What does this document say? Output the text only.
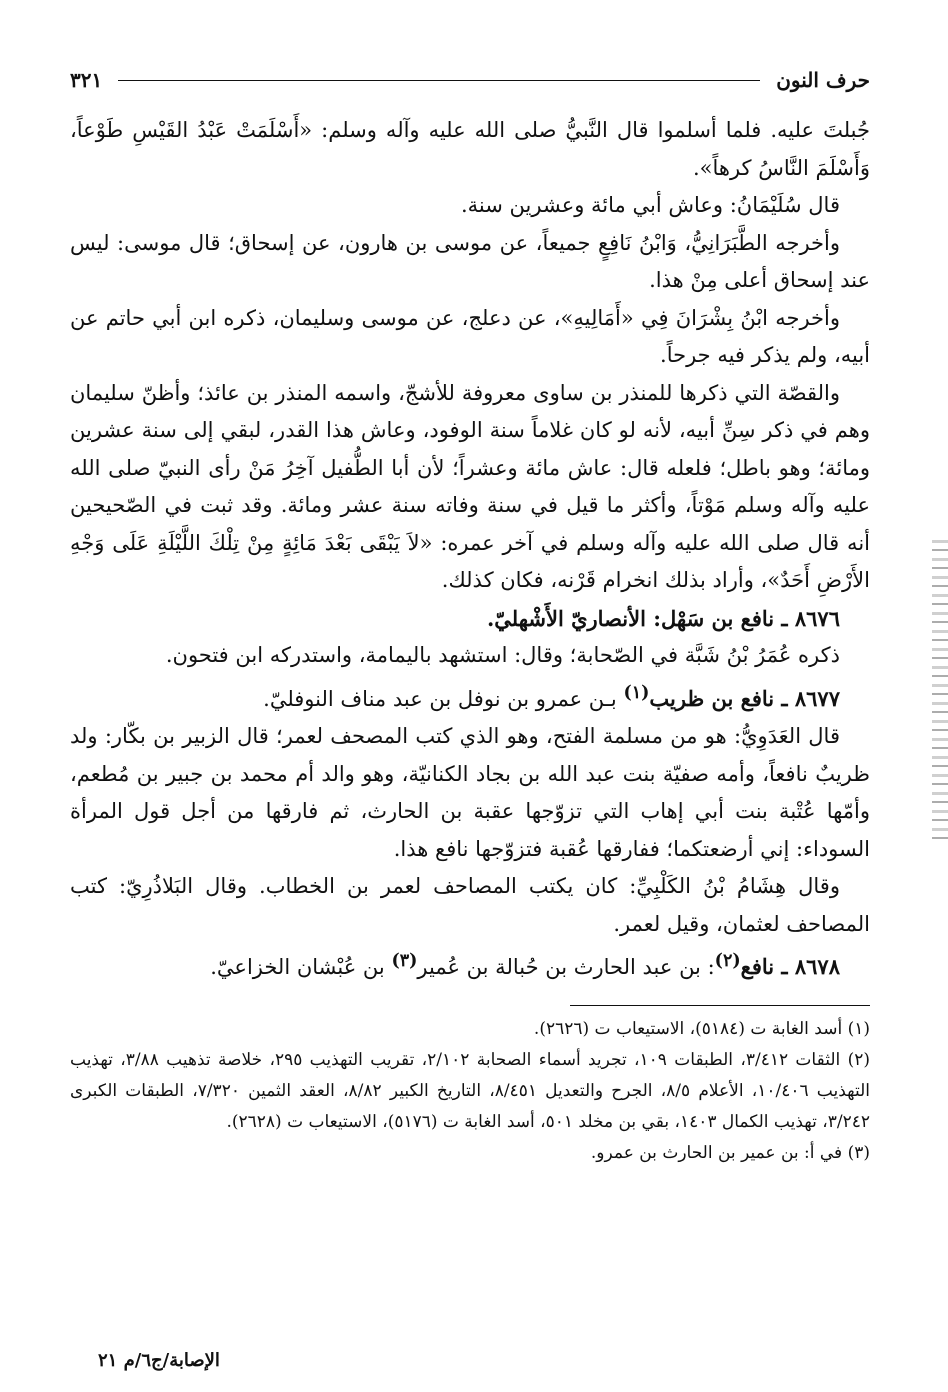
حرف النون
٣٢١

جُبلتَ عليه. فلما أسلموا قال النَّبيُّ صلى الله عليه وآله وسلم: «أَسْلَمَتْ عَبْدُ القَيْسِ طَوْعاً، وَأَسْلَمَ النَّاسُ كرهاً».

قال سُلَيْمَانُ: وعاش أبي مائة وعشرين سنة.

وأخرجه الطَّبَرَانِيُّ، وَابْنُ نَافِعٍ جميعاً، عن موسى بن هارون، عن إسحاق؛ قال موسى: ليس عند إسحاق أعلى مِنْ هذا.

وأخرجه ابْنُ بِشْرَانَ فِي «أَمَالِيهِ»، عن دعلج، عن موسى وسليمان، ذكره ابن أبي حاتم عن أبيه، ولم يذكر فيه جرحاً.

والقصّة التي ذكرها للمنذر بن ساوى معروفة للأشجّ، واسمه المنذر بن عائذ؛ وأظنّ سليمان وهم في ذكر سِنِّ أبيه، لأنه لو كان غلاماً سنة الوفود، وعاش هذا القدر، لبقي إلى سنة عشرين ومائة؛ وهو باطل؛ فلعله قال: عاش مائة وعشراً؛ لأن أبا الطُّفيل آخِرُ مَنْ رأى النبيّ صلى الله عليه وآله وسلم مَوْتاً، وأكثر ما قيل في سنة وفاته سنة عشر ومائة. وقد ثبت في الصّحيحين أنه قال صلى الله عليه وآله وسلم في آخر عمره: «لاَ يَبْقَى بَعْدَ مَائِةٍ مِنْ تِلْكَ اللَّيْلَةِ عَلَى وَجْهِ الأَرْضِ أَحَدٌ»، وأراد بذلك انخرام قَرْنه، فكان كذلك.

٨٦٧٦ ـ نافع بن سَهْل: الأنصاريّ الأَشْهليّ.

ذكره عُمَرُ بْنُ شَبَّة في الصّحابة؛ وقال: استشهد باليمامة، واستدركه ابن فتحون.

٨٦٧٧ ـ نافع بن ظريب$^{(١)}$ بـن عمرو بن نوفل بن عبد مناف النوفليّ.

قال العَدَوِيُّ: هو من مسلمة الفتح، وهو الذي كتب المصحف لعمر؛ قال الزبير بن بكّار: ولد ظريبٌ نافعاً، وأمه صفيّة بنت عبد الله بن بجاد الكنانيّة، وهو والد أم محمد بن جبير بن مُطعم، وأمّها عُتْبة بنت أبي إهاب التي تزوّجها عقبة بن الحارث، ثم فارقها من أجل قول المرأة السوداء: إني أرضعتكما؛ ففارقها عُقبة فتزوّجها نافع هذا.

وقال هِشَامُ بْنُ الكَلْبِيِّ: كان يكتب المصاحف لعمر بن الخطاب. وقال البَلاذُرِيّ: كتب المصاحف لعثمان، وقيل لعمر.

٨٦٧٨ ـ نافع$^{(٢)}$: بن عبد الحارث بن حُبالة بن عُمير$^{(٣)}$ بن عُبْشان الخزاعيّ.

(١) أسد الغابة ت (٥١٨٤)، الاستيعاب ت (٢٦٢٦).

(٢) الثقات ٣/٤١٢، الطبقات ١٠٩، تجريد أسماء الصحابة ٢/١٠٢، تقريب التهذيب ٢٩٥، خلاصة تذهيب ٣/٨٨، تهذيب التهذيب ١٠/٤٠٦، الأعلام ٨/٥، الجرح والتعديل ٨/٤٥١، التاريخ الكبير ٨/٨٢، العقد الثمين ٧/٣٢٠، الطبقات الكبرى ٣/٢٤٢، تهذيب الكمال ١٤٠٣، بقي بن مخلد ٥٠١، أسد الغابة ت (٥١٧٦)، الاستيعاب ت (٢٦٢٨).

(٣) في أ: بن عمير بن الحارث بن عمرو.

الإصابة/ج٦/م ٢١
